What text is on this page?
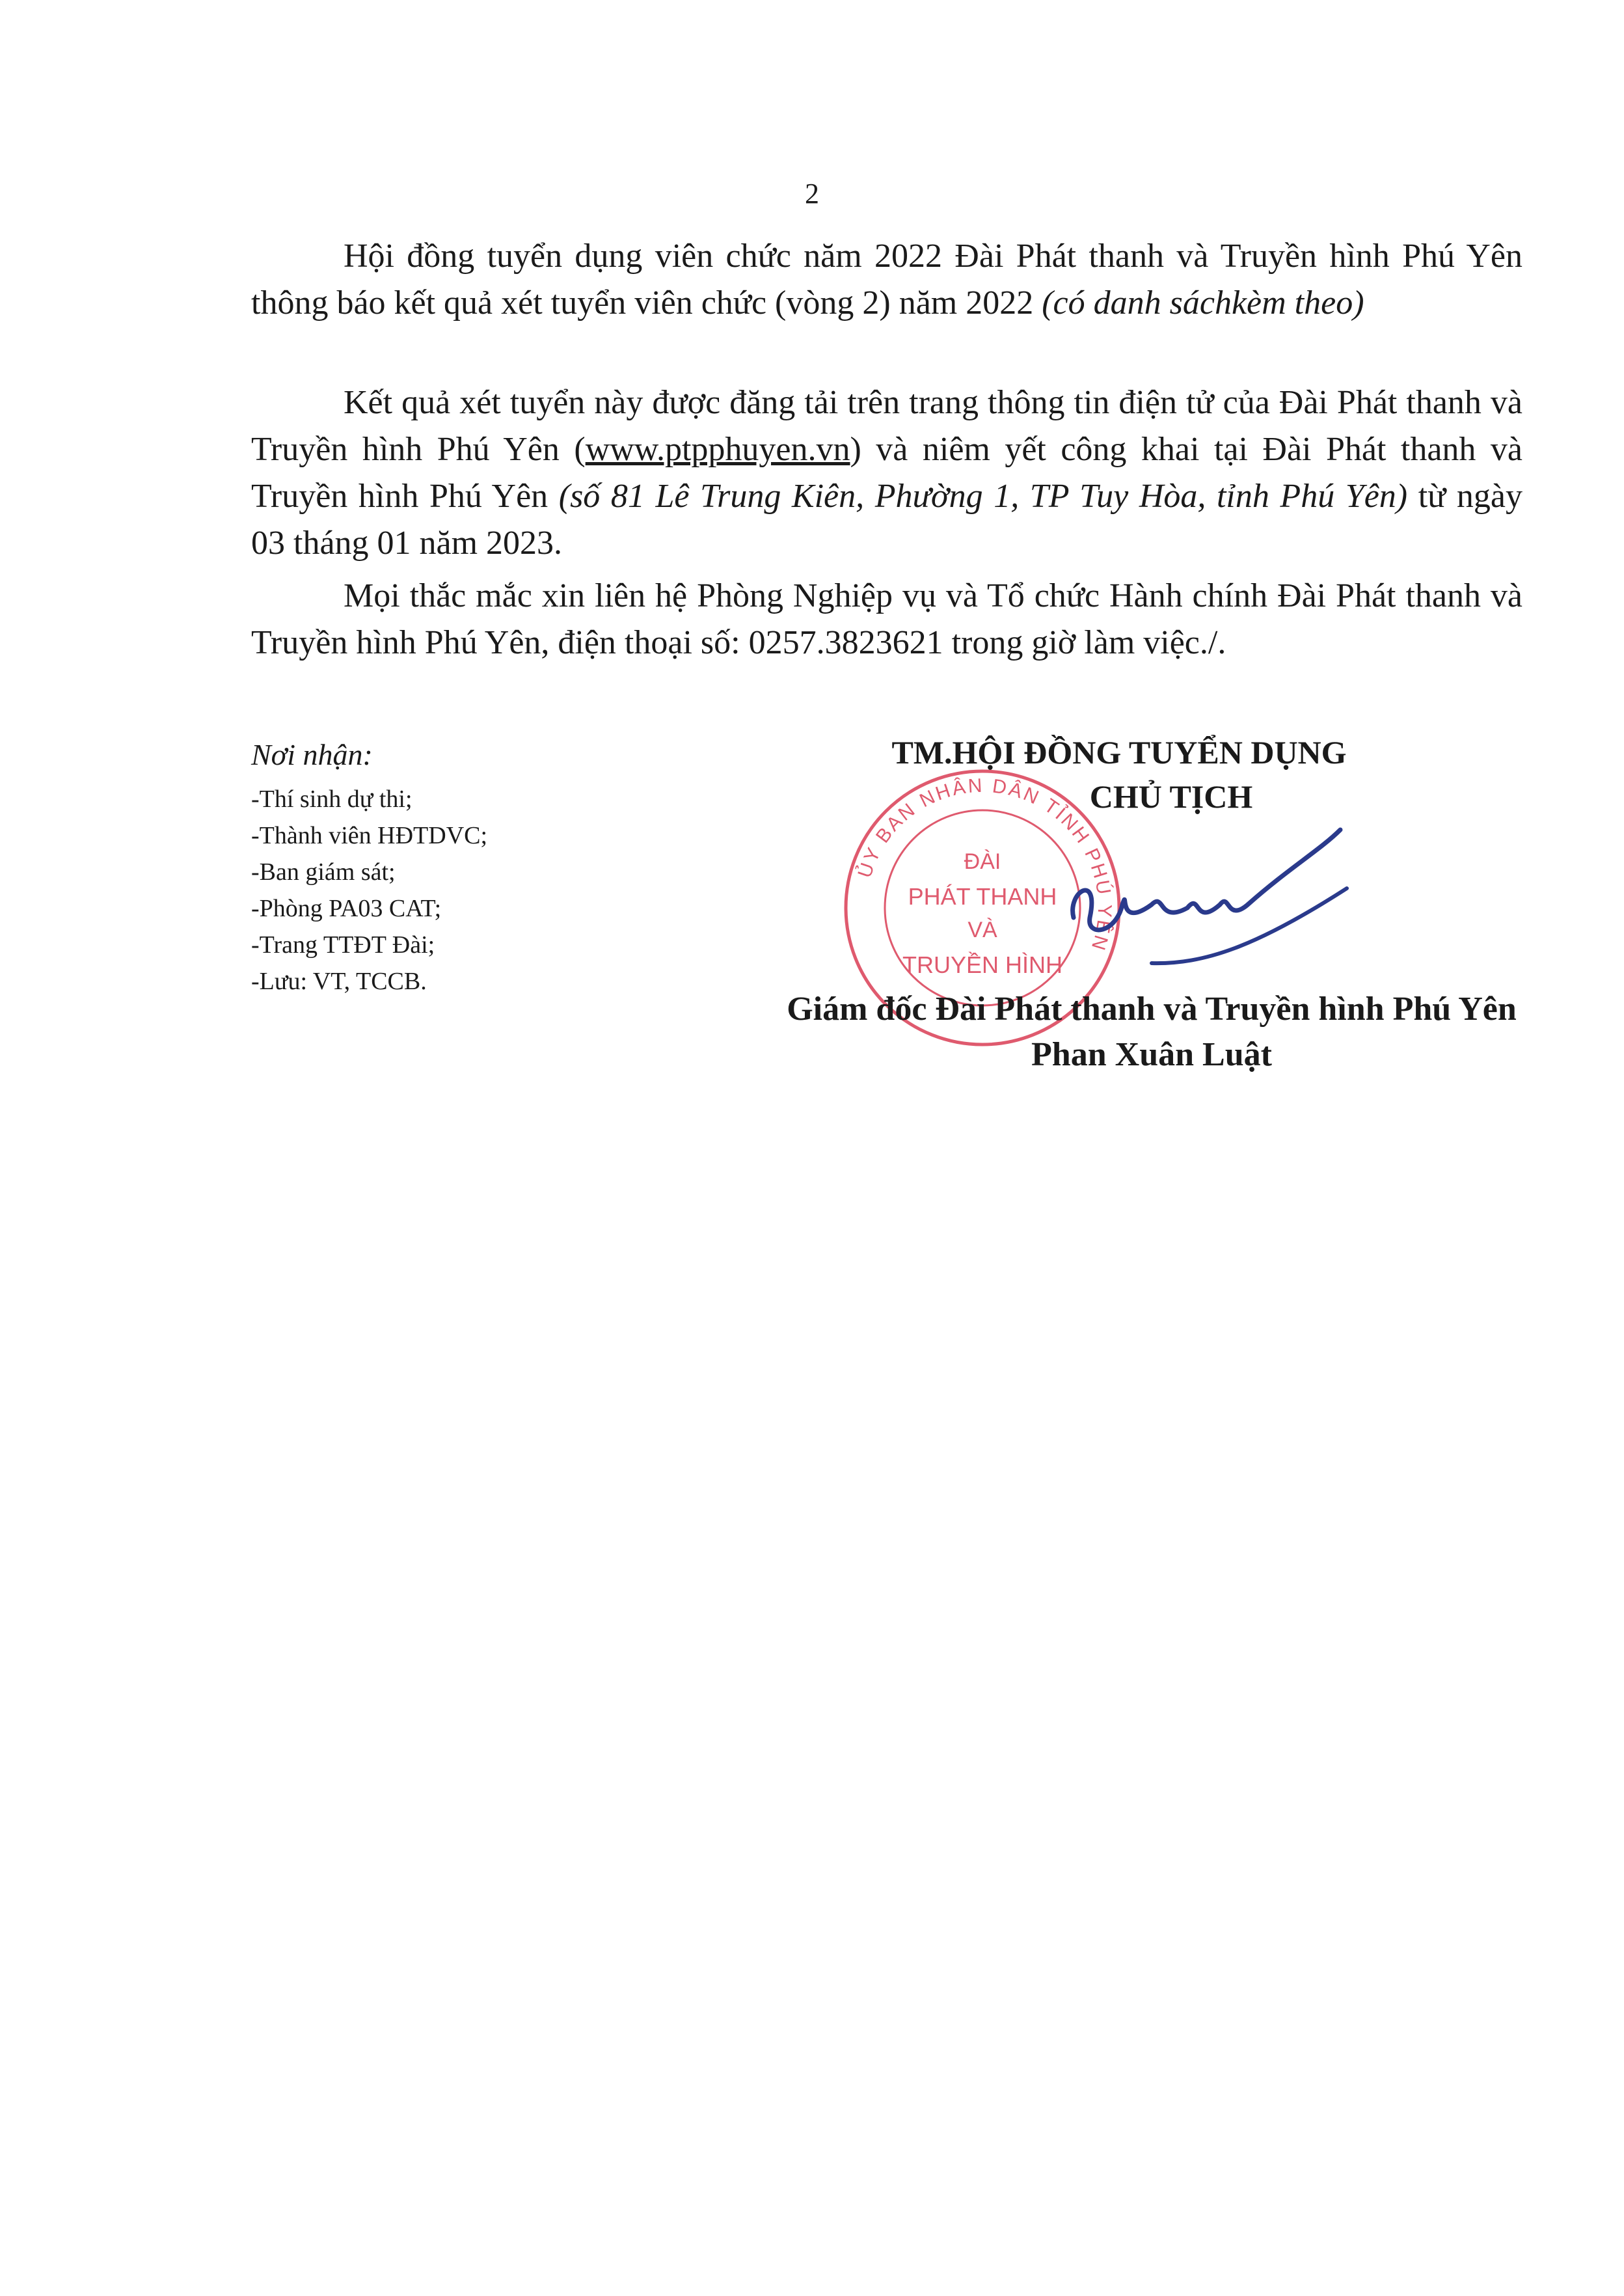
2

Hội đồng tuyển dụng viên chức năm 2022 Đài Phát thanh và Truyền hình Phú Yên thông báo kết quả xét tuyển viên chức (vòng 2) năm 2022 (có danh sáchkèm theo)

Kết quả xét tuyển này được đăng tải trên trang thông tin điện tử của Đài Phát thanh và Truyền hình Phú Yên (www.ptpphuyen.vn) và niêm yết công khai tại Đài Phát thanh và Truyền hình Phú Yên (số 81 Lê Trung Kiên, Phường 1, TP Tuy Hòa, tỉnh Phú Yên) từ ngày 03 tháng 01 năm 2023.

Mọi thắc mắc xin liên hệ Phòng Nghiệp vụ và Tổ chức Hành chính Đài Phát thanh và Truyền hình Phú Yên, điện thoại số: 0257.3823621 trong giờ làm việc./.

Nơi nhận:
-Thí sinh dự thi;
-Thành viên HĐTDVC;
-Ban giám sát;
-Phòng PA03 CAT;
-Trang TTĐT Đài;
-Lưu: VT, TCCB.
TM.HỘI ĐỒNG TUYỂN DỤNG
CHỦ TỊCH
ỦY BAN NHÂN DÂN TỈNH PHÚ YÊN
ĐÀI
PHÁT THANH
VÀ
TRUYỀN HÌNH
Giám đốc Đài Phát thanh và Truyền hình Phú Yên
Phan Xuân Luật
